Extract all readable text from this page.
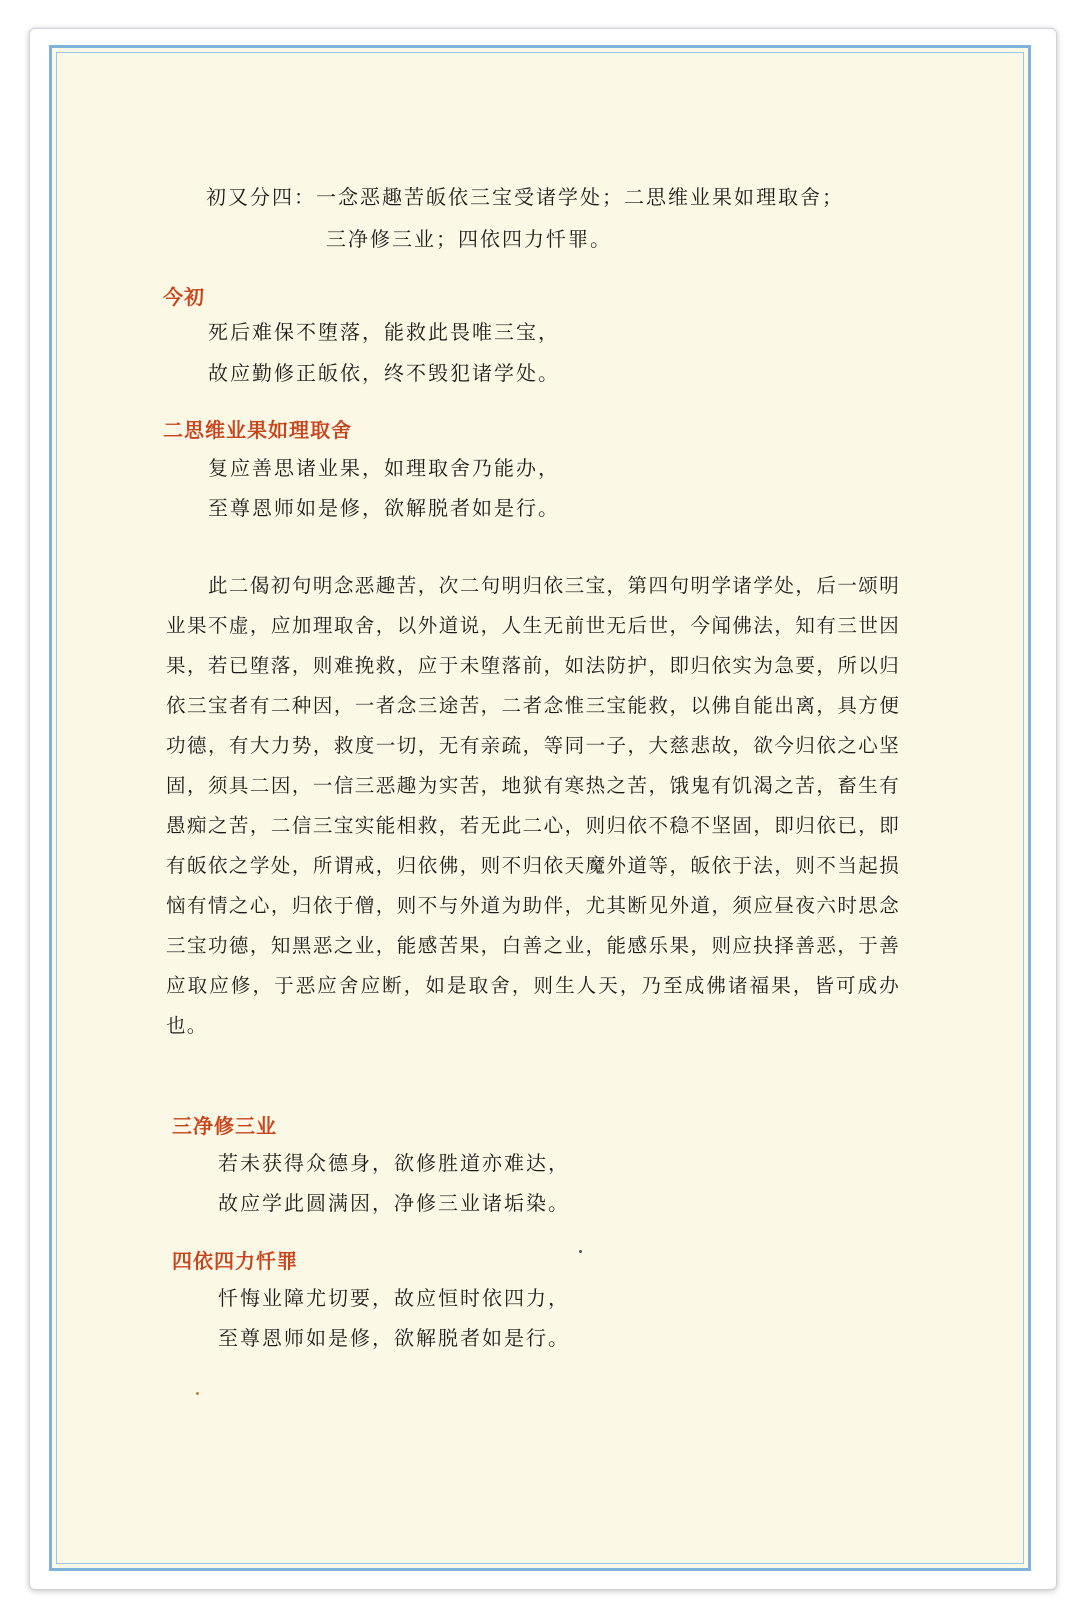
初又分四：一念恶趣苦皈依三宝受诸学处；二思维业果如理取舍；
三净修三业；四依四力忏罪。
今初
死后难保不堕落，能救此畏唯三宝，
故应勤修正皈依，终不毁犯诸学处。
二思维业果如理取舍
复应善思诸业果，如理取舍乃能办，
至尊恩师如是修，欲解脱者如是行。

　　此二偈初句明念恶趣苦，次二句明归依三宝，第四句明学诸学处，后一颂明业果不虚，应加理取舍，以外道说，人生无前世无后世，今闻佛法，知有三世因果，若已堕落，则难挽救，应于未堕落前，如法防护，即归依实为急要，所以归依三宝者有二种因，一者念三途苦，二者念惟三宝能救，以佛自能出离，具方便功德，有大力势，救度一切，无有亲疏，等同一子，大慈悲故，欲今归依之心坚固，须具二因，一信三恶趣为实苦，地狱有寒热之苦，饿鬼有饥渴之苦，畜生有愚痴之苦，二信三宝实能相救，若无此二心，则归依不稳不坚固，即归依已，即有皈依之学处，所谓戒，归依佛，则不归依天魔外道等，皈依于法，则不当起损恼有情之心，归依于僧，则不与外道为助伴，尤其断见外道，须应昼夜六时思念三宝功德，知黑恶之业，能感苦果，白善之业，能感乐果，则应抉择善恶，于善应取应修，于恶应舍应断，如是取舍，则生人天，乃至成佛诸福果，皆可成办也。

三净修三业
若未获得众德身，欲修胜道亦难达，
故应学此圆满因，净修三业诸垢染。
四依四力忏罪
忏悔业障尤切要，故应恒时依四力，
至尊恩师如是修，欲解脱者如是行。
